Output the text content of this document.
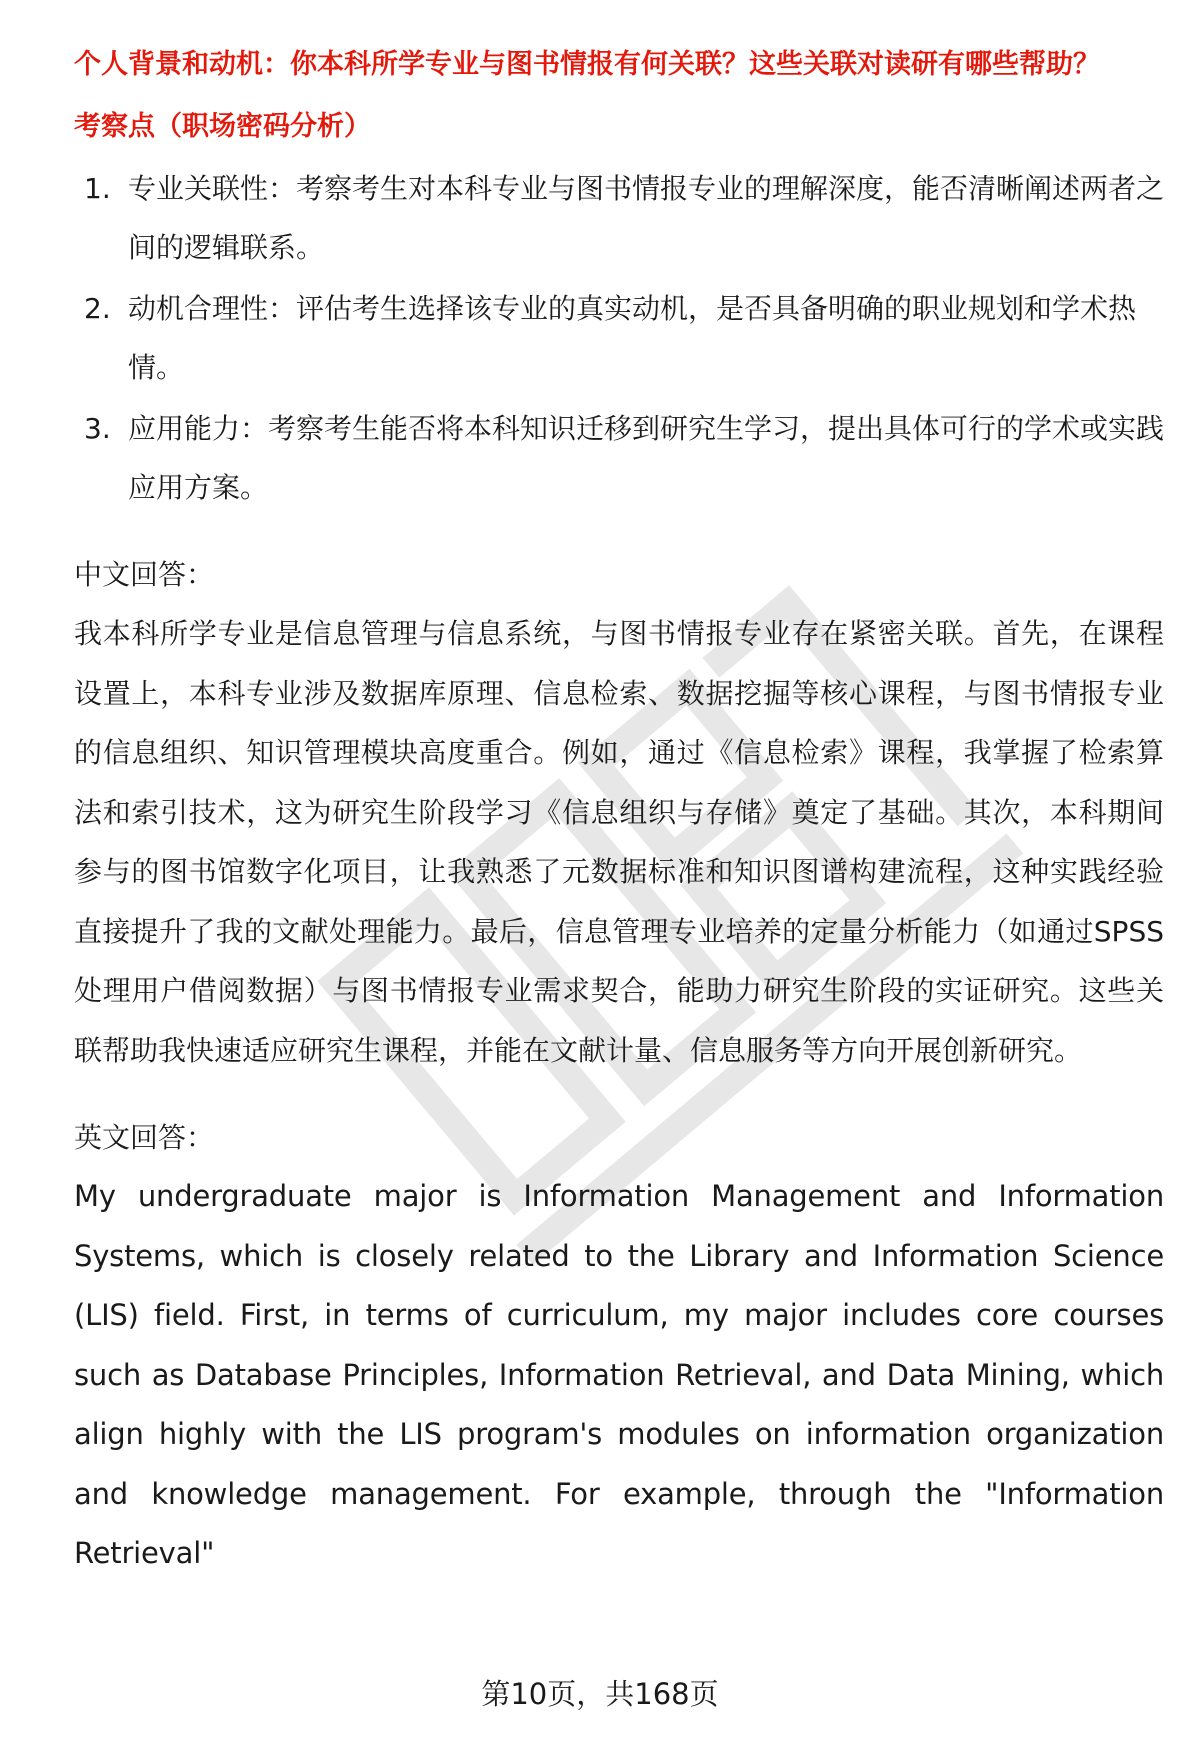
个人背景和动机：你本科所学专业与图书情报有何关联？这些关联对读研有哪些帮助？

考察点（职场密码分析）
1. 专业关联性：考察考生对本科专业与图书情报专业的理解深度，能否清晰阐述两者之间的逻辑联系。
2. 动机合理性：评估考生选择该专业的真实动机，是否具备明确的职业规划和学术热情。
3. 应用能力：考察考生能否将本科知识迁移到研究生学习，提出具体可行的学术或实践应用方案。
中文回答：

我本科所学专业是信息管理与信息系统，与图书情报专业存在紧密关联。首先，在课程设置上，本科专业涉及数据库原理、信息检索、数据挖掘等核心课程，与图书情报专业的信息组织、知识管理模块高度重合。例如，通过《信息检索》课程，我掌握了检索算法和索引技术，这为研究生阶段学习《信息组织与存储》奠定了基础。其次，本科期间参与的图书馆数字化项目，让我熟悉了元数据标准和知识图谱构建流程，这种实践经验直接提升了我的文献处理能力。最后，信息管理专业培养的定量分析能力（如通过SPSS处理用户借阅数据）与图书情报专业需求契合，能助力研究生阶段的实证研究。这些关联帮助我快速适应研究生课程，并能在文献计量、信息服务等方向开展创新研究。

英文回答：

My undergraduate major is Information Management and Information Systems, which is closely related to the Library and Information Science (LIS) field. First, in terms of curriculum, my major includes core courses such as Database Principles, Information Retrieval, and Data Mining, which align highly with the LIS program's modules on information organization and knowledge management. For example, through the "Information Retrieval"

第10页，共168页
